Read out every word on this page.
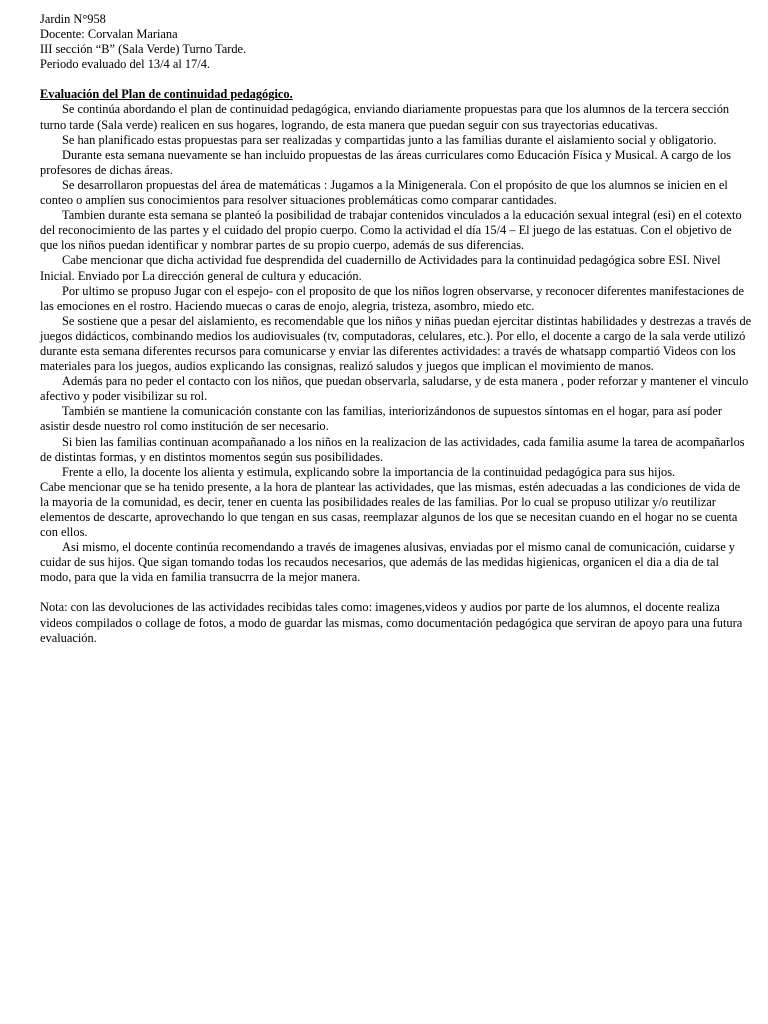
Jardin N°958

Docente: Corvalan Mariana

III sección “B” (Sala Verde) Turno Tarde.

Periodo evaluado del 13/4 al 17/4.

Evaluación del Plan de continuidad pedagógico.

Se continúa abordando el plan de continuidad pedagógica, enviando diariamente propuestas para que los alumnos de la tercera sección turno tarde (Sala verde) realicen en sus hogares, logrando, de esta manera que puedan seguir con sus trayectorias educativas.

Se han planificado estas propuestas para ser realizadas y compartidas junto a las familias durante el aislamiento social y obligatorio.

Durante esta semana nuevamente se han incluido propuestas de las áreas curriculares como Educación Física y Musical. A cargo de los profesores de dichas áreas.

Se desarrollaron propuestas del área de matemáticas : Jugamos a la Minigenerala. Con el propósito de que los alumnos se inicien en el conteo o amplíen sus conocimientos para resolver situaciones problemáticas como comparar cantidades.

Tambien durante esta semana se planteó la posibilidad de trabajar contenidos vinculados a la educación sexual integral (esi) en el cotexto del reconocimiento de las partes y el cuidado del propio cuerpo. Como la actividad el día 15/4 – El juego de las estatuas. Con el objetivo de que los niños puedan identificar y nombrar partes de su propio cuerpo, además de sus diferencias.

Cabe mencionar que dicha actividad fue desprendida del cuadernillo de Actividades para la continuidad pedagógica sobre ESI. Nivel Inicial. Enviado por La dirección general de cultura y educación.

Por ultimo se propuso Jugar con el espejo- con el proposito de que los niños logren observarse, y reconocer diferentes manifestaciones de las emociones en el rostro. Haciendo muecas o caras de enojo, alegria, tristeza, asombro, miedo etc.

Se sostiene que a pesar del aislamiento, es recomendable que los niños y niñas puedan ejercitar distintas habilidades y destrezas a través de juegos didácticos, combinando medios los audiovisuales (tv, computadoras, celulares, etc.). Por ello, el docente a cargo de la sala verde utilizó durante esta semana diferentes recursos para comunicarse y enviar las diferentes actividades: a través de whatsapp compartió Videos con los materiales para los juegos, audios explicando las consignas, realizó saludos y juegos que implican el movimiento de manos.

Además para no peder el contacto con los niños, que puedan observarla, saludarse, y de esta manera , poder reforzar y mantener el vinculo afectivo y poder visibilizar su rol.

También se mantiene la comunicación constante con las familias, interiorizándonos de supuestos síntomas en el hogar, para así poder asistir desde nuestro rol como institución de ser necesario.

Si bien las familias continuan acompañanado a los niños en la realizacion de las actividades, cada familia asume la tarea de acompañarlos de distintas formas, y en distintos momentos según sus posibilidades.

Frente a ello, la docente los alienta y estimula, explicando sobre la importancia de la continuidad pedagógica para sus hijos.

Cabe mencionar que se ha tenido presente, a la hora de plantear las actividades, que las mismas, estén adecuadas a las condiciones de vida de la mayoria de la comunidad, es decir, tener en cuenta las posibilidades reales de las familias. Por lo cual se propuso utilizar y/o reutilizar elementos de descarte, aprovechando lo que tengan en sus casas, reemplazar algunos de los que se necesitan cuando en el hogar no se cuenta con ellos.

Asi mismo, el docente continúa recomendando a través de imagenes alusivas, enviadas por el mismo canal de comunicación, cuidarse y cuidar de sus hijos. Que sigan tomando todas los recaudos necesarios, que además de las medidas higienicas, organicen el dia a dia de tal modo, para que la vida en familia transucrra de la mejor manera.

Nota: con las devoluciones de las actividades recibidas tales como: imagenes,videos y audios por parte de los alumnos, el docente realiza videos compilados o collage de fotos, a modo de guardar las mismas, como documentación pedagógica que serviran de apoyo para una futura evaluación.
